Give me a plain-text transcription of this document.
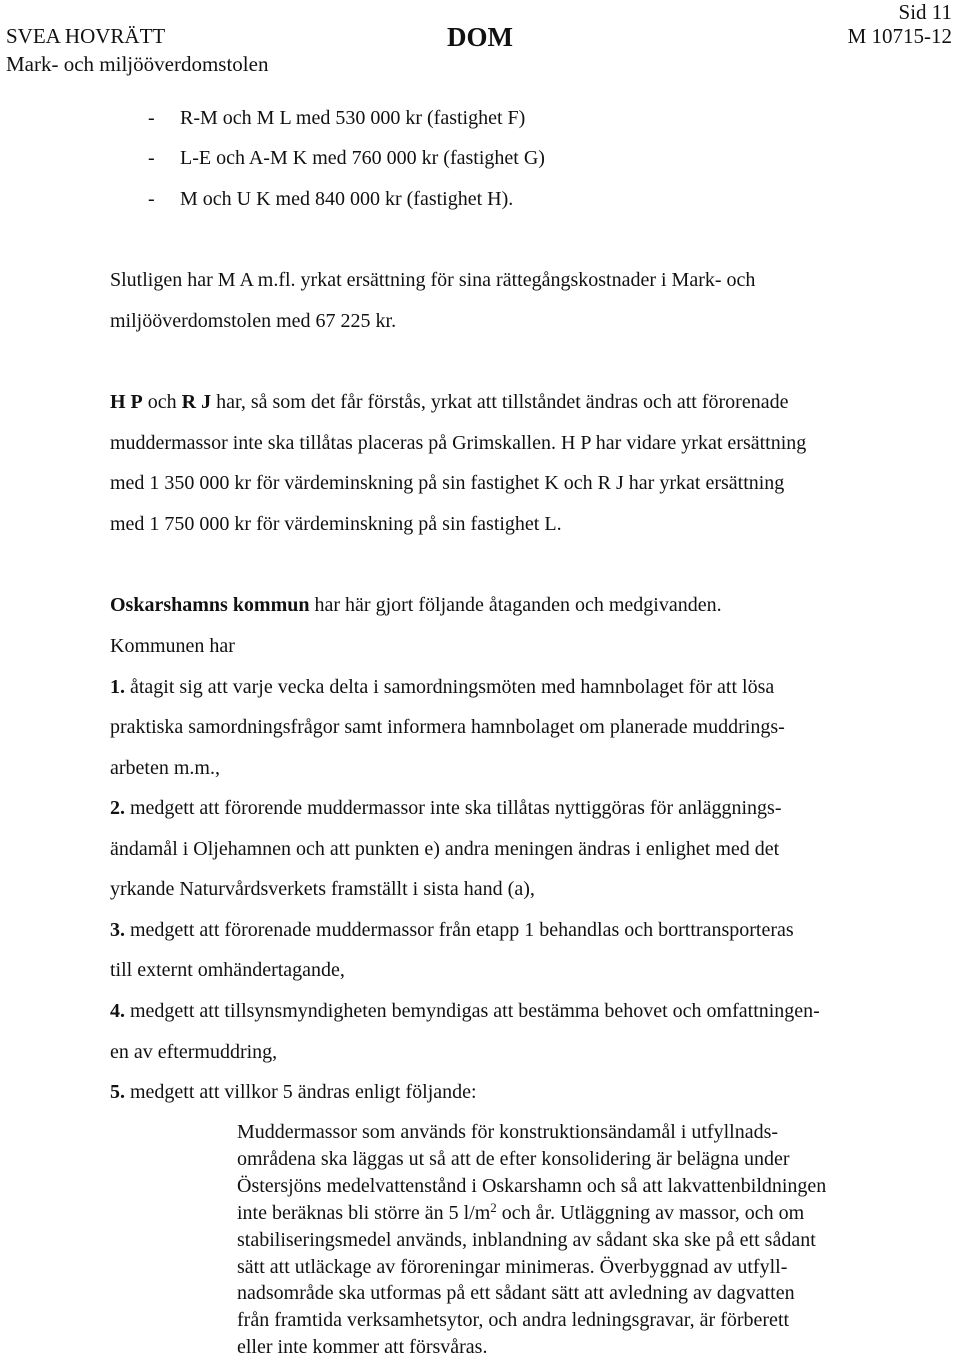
SVEA HOVRÄTT
Mark- och miljööverdomstolen
DOM
Sid 11
M 10715-12
- R-M och M L med 530 000 kr (fastighet F)
- L-E och A-M K med 760 000 kr (fastighet G)
- M och U K med 840 000 kr (fastighet H).
Slutligen har M A m.fl. yrkat ersättning för sina rättegångskostnader i Mark- och
miljööverdomstolen med 67 225 kr.
H P och R J har, så som det får förstås, yrkat att tillståndet ändras och att förorenade
muddermassor inte ska tillåtas placeras på Grimskallen. H P har vidare yrkat ersättning
med 1 350 000 kr för värdeminskning på sin fastighet K och R J har yrkat ersättning
med 1 750 000 kr för värdeminskning på sin fastighet L.
Oskarshamns kommun har här gjort följande åtaganden och medgivanden.
Kommunen har
1. åtagit sig att varje vecka delta i samordningsmöten med hamnbolaget för att lösa
praktiska samordningsfrågor samt informera hamnbolaget om planerade muddrings-
arbeten m.m.,
2. medgett att förorende muddermassor inte ska tillåtas nyttiggöras för anläggnings-
ändamål i Oljehamnen och att punkten e) andra meningen ändras i enlighet med det
yrkande Naturvårdsverkets framställt i sista hand (a),
3. medgett att förorenade muddermassor från etapp 1 behandlas och borttransporteras
till externt omhändertagande,
4. medgett att tillsynsmyndigheten bemyndigas att bestämma behovet och omfattningen-
en av eftermuddring,
5. medgett att villkor 5 ändras enligt följande:
Muddermassor som används för konstruktionsändamål i utfyllnads-
områdena ska läggas ut så att de efter konsolidering är belägna under
Östersjöns medelvattenstånd i Oskarshamn och så att lakvattenbildningen
inte beräknas bli större än 5 $l/m^2$ och år. Utläggning av massor, och om
stabiliseringsmedel används, inblandning av sådant ska ske på ett sådant
sätt att utläckage av föroreningar minimeras. Överbyggnad av utfyll-
nadsområde ska utformas på ett sådant sätt att avledning av dagvatten
från framtida verksamhetsytor, och andra ledningsgravar, är förberett
eller inte kommer att försvåras.
